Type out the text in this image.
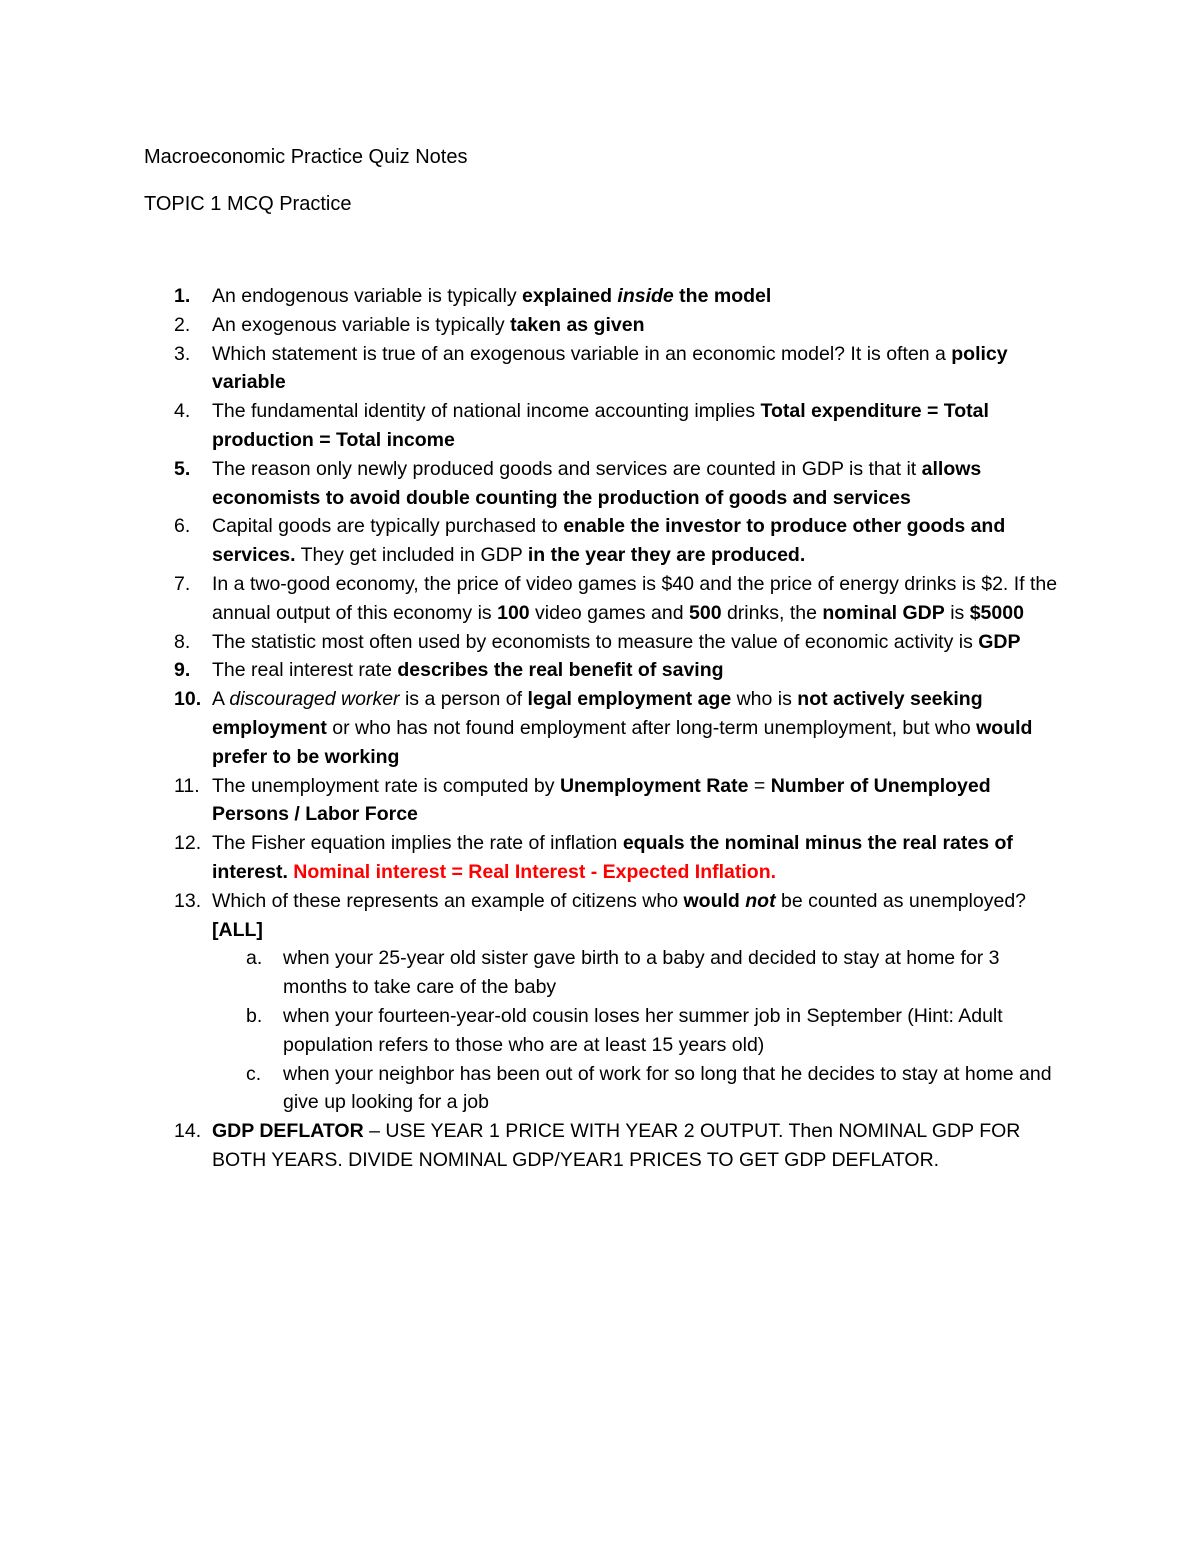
Macroeconomic Practice Quiz Notes

TOPIC 1 MCQ Practice

1. An endogenous variable is typically explained inside the model
2. An exogenous variable is typically taken as given
3. Which statement is true of an exogenous variable in an economic model? It is often a policy variable
4. The fundamental identity of national income accounting implies Total expenditure = Total production = Total income
5. The reason only newly produced goods and services are counted in GDP is that it allows economists to avoid double counting the production of goods and services
6. Capital goods are typically purchased to enable the investor to produce other goods and services. They get included in GDP in the year they are produced.
7. In a two-good economy, the price of video games is $40 and the price of energy drinks is $2. If the annual output of this economy is 100 video games and 500 drinks, the nominal GDP is $5000
8. The statistic most often used by economists to measure the value of economic activity is GDP
9. The real interest rate describes the real benefit of saving
10. A discouraged worker is a person of legal employment age who is not actively seeking employment or who has not found employment after long-term unemployment, but who would prefer to be working
11. The unemployment rate is computed by Unemployment Rate = Number of Unemployed Persons / Labor Force
12. The Fisher equation implies the rate of inflation equals the nominal minus the real rates of interest. Nominal interest = Real Interest - Expected Inflation.
13. Which of these represents an example of citizens who would not be counted as unemployed? [ALL]
a. when your 25-year old sister gave birth to a baby and decided to stay at home for 3 months to take care of the baby
b. when your fourteen-year-old cousin loses her summer job in September (Hint: Adult population refers to those who are at least 15 years old)
c. when your neighbor has been out of work for so long that he decides to stay at home and give up looking for a job
14. GDP DEFLATOR – USE YEAR 1 PRICE WITH YEAR 2 OUTPUT. Then NOMINAL GDP FOR BOTH YEARS. DIVIDE NOMINAL GDP/YEAR1 PRICES TO GET GDP DEFLATOR.
